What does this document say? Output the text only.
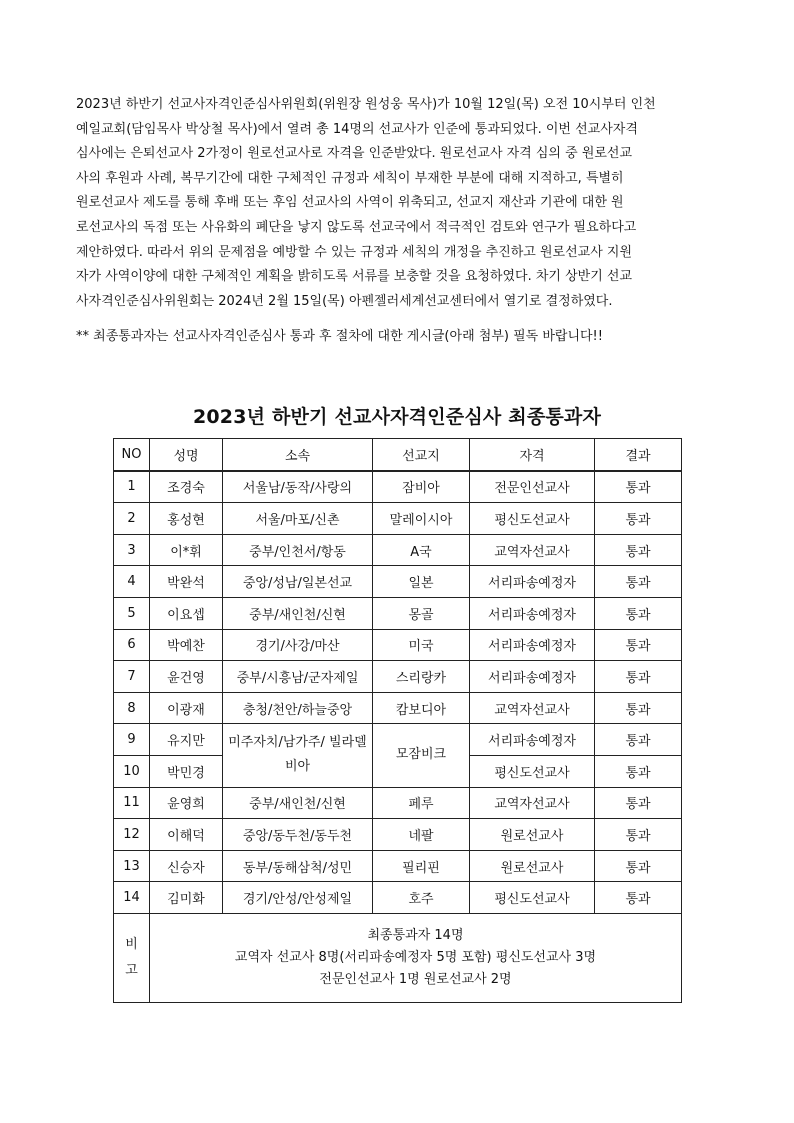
2023년 하반기 선교사자격인준심사위원회(위원장 원성웅 목사)가 10월 12일(목) 오전 10시부터 인천
예일교회(담임목사 박상철 목사)에서 열려 총 14명의 선교사가 인준에 통과되었다. 이번 선교사자격
심사에는 은퇴선교사 2가정이 원로선교사로 자격을 인준받았다. 원로선교사 자격 심의 중 원로선교
사의 후원과 사례, 복무기간에 대한 구체적인 규정과 세칙이 부재한 부분에 대해 지적하고, 특별히
원로선교사 제도를 통해 후배 또는 후임 선교사의 사역이 위축되고, 선교지 재산과 기관에 대한 원
로선교사의 독점 또는 사유화의 폐단을 낳지 않도록 선교국에서 적극적인 검토와 연구가 필요하다고
제안하였다. 따라서 위의 문제점을 예방할 수 있는 규정과 세칙의 개정을 추진하고 원로선교사 지원
자가 사역이양에 대한 구체적인 계획을 밝히도록 서류를 보충할 것을 요청하였다. 차기 상반기 선교
사자격인준심사위원회는 2024년 2월 15일(목) 아펜젤러세계선교센터에서 열기로 결정하였다.
** 최종통과자는 선교사자격인준심사 통과 후 절차에 대한 게시글(아래 첨부) 필독 바랍니다!!
2023년 하반기 선교사자격인준심사 최종통과자
NO	성명	소속	선교지	자격	결과
1	조경숙	서울남/동작/사랑의	잠비아	전문인선교사	통과
2	홍성현	서울/마포/신촌	말레이시아	평신도선교사	통과
3	이*휘	중부/인천서/항동	A국	교역자선교사	통과
4	박완석	중앙/성남/일본선교	일본	서리파송예정자	통과
5	이요셉	중부/새인천/신현	몽골	서리파송예정자	통과
6	박예찬	경기/사강/마산	미국	서리파송예정자	통과
7	윤건영	중부/시흥남/군자제일	스리랑카	서리파송예정자	통과
8	이광재	충청/천안/하늘중앙	캄보디아	교역자선교사	통과
9	유지만	미주자치/남가주/ 빌라델비아	모잠비크	서리파송예정자	통과
10	박민경			평신도선교사	통과
11	윤영희	중부/새인천/신현	페루	교역자선교사	통과
12	이해덕	중앙/동두천/동두천	네팔	원로선교사	통과
13	신승자	동부/동해삼척/성민	필리핀	원로선교사	통과
14	김미화	경기/안성/안성제일	호주	평신도선교사	통과
비
고	최종통과자 14명
교역자 선교사 8명(서리파송예정자 5명 포함) 평신도선교사 3명
전문인선교사 1명 원로선교사 2명				
